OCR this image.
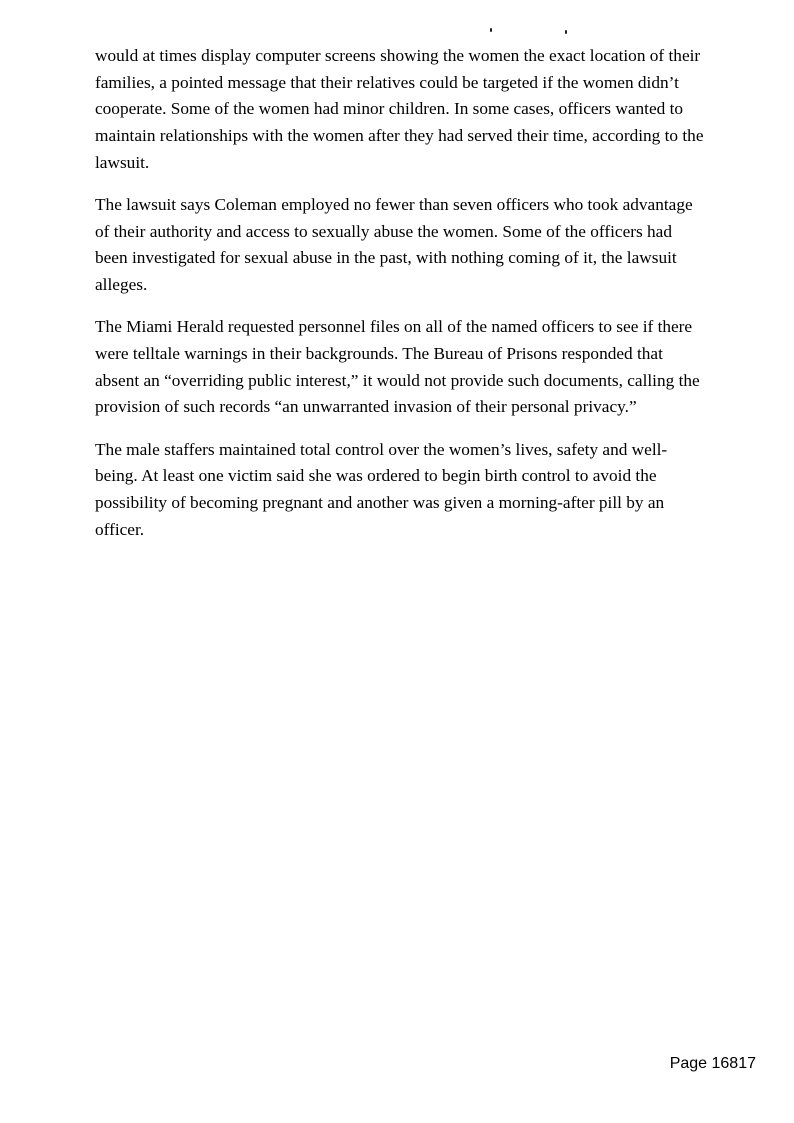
would at times display computer screens showing the women the exact location of their families, a pointed message that their relatives could be targeted if the women didn’t cooperate. Some of the women had minor children. In some cases, officers wanted to maintain relationships with the women after they had served their time, according to the lawsuit.

The lawsuit says Coleman employed no fewer than seven officers who took advantage of their authority and access to sexually abuse the women. Some of the officers had been investigated for sexual abuse in the past, with nothing coming of it, the lawsuit alleges.

The Miami Herald requested personnel files on all of the named officers to see if there were telltale warnings in their backgrounds. The Bureau of Prisons responded that absent an “overriding public interest,” it would not provide such documents, calling the provision of such records “an unwarranted invasion of their personal privacy.”

The male staffers maintained total control over the women’s lives, safety and well-being. At least one victim said she was ordered to begin birth control to avoid the possibility of becoming pregnant and another was given a morning-after pill by an officer.

Page 16817
